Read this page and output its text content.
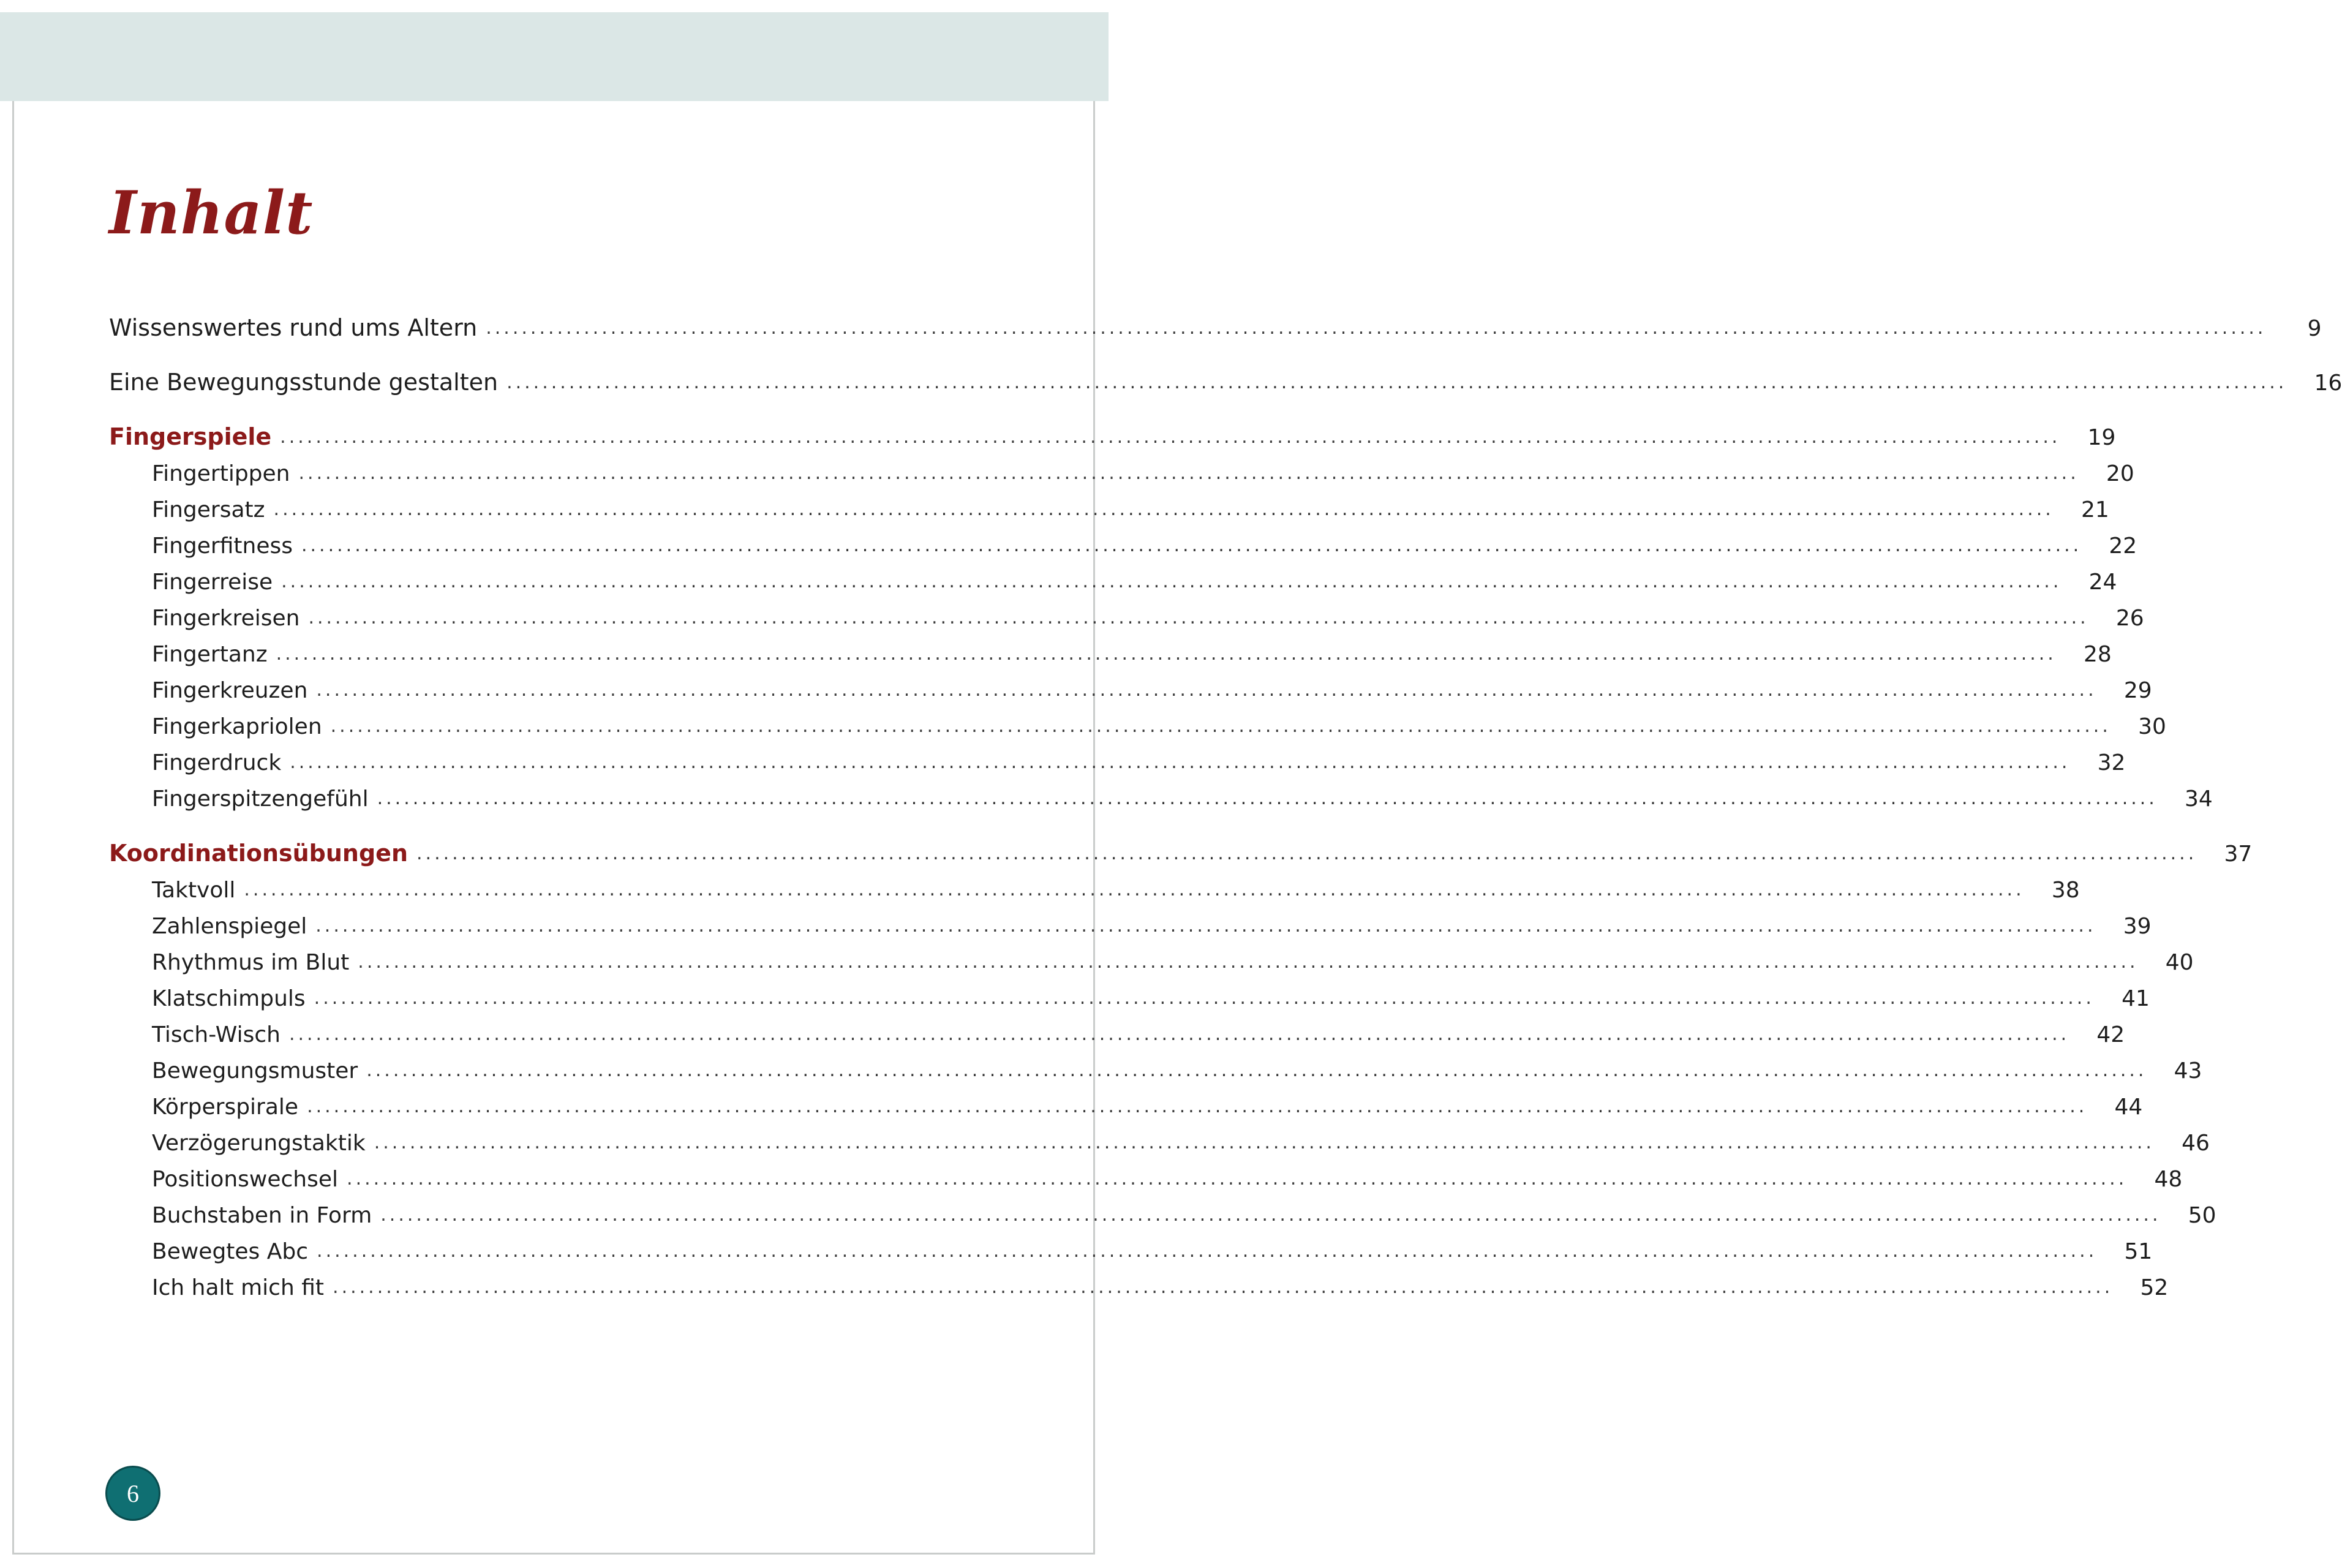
Inhalt
Wissenswertes rund ums Altern ........................................................................................................................................................................................................	9
Eine Bewegungsstunde gestalten ........................................................................................................................................................................................................	16
Fingerspiele ........................................................................................................................................................................................................	19
Fingertippen ........................................................................................................................................................................................................	20
Fingersatz ........................................................................................................................................................................................................	21
Fingerfitness ........................................................................................................................................................................................................	22
Fingerreise ........................................................................................................................................................................................................	24
Fingerkreisen ........................................................................................................................................................................................................	26
Fingertanz ........................................................................................................................................................................................................	28
Fingerkreuzen ........................................................................................................................................................................................................	29
Fingerkapriolen ........................................................................................................................................................................................................	30
Fingerdruck ........................................................................................................................................................................................................	32
Fingerspitzengefühl ........................................................................................................................................................................................................	34
Koordinationsübungen ........................................................................................................................................................................................................	37
Taktvoll ........................................................................................................................................................................................................	38
Zahlenspiegel ........................................................................................................................................................................................................	39
Rhythmus im Blut ........................................................................................................................................................................................................	40
Klatschimpuls ........................................................................................................................................................................................................	41
Tisch-Wisch ........................................................................................................................................................................................................	42
Bewegungsmuster ........................................................................................................................................................................................................	43
Körperspirale ........................................................................................................................................................................................................	44
Verzögerungstaktik ........................................................................................................................................................................................................	46
Positionswechsel ........................................................................................................................................................................................................	48
Buchstaben in Form ........................................................................................................................................................................................................	50
Bewegtes Abc ........................................................................................................................................................................................................	51
Ich halt mich fit ........................................................................................................................................................................................................	52
6
